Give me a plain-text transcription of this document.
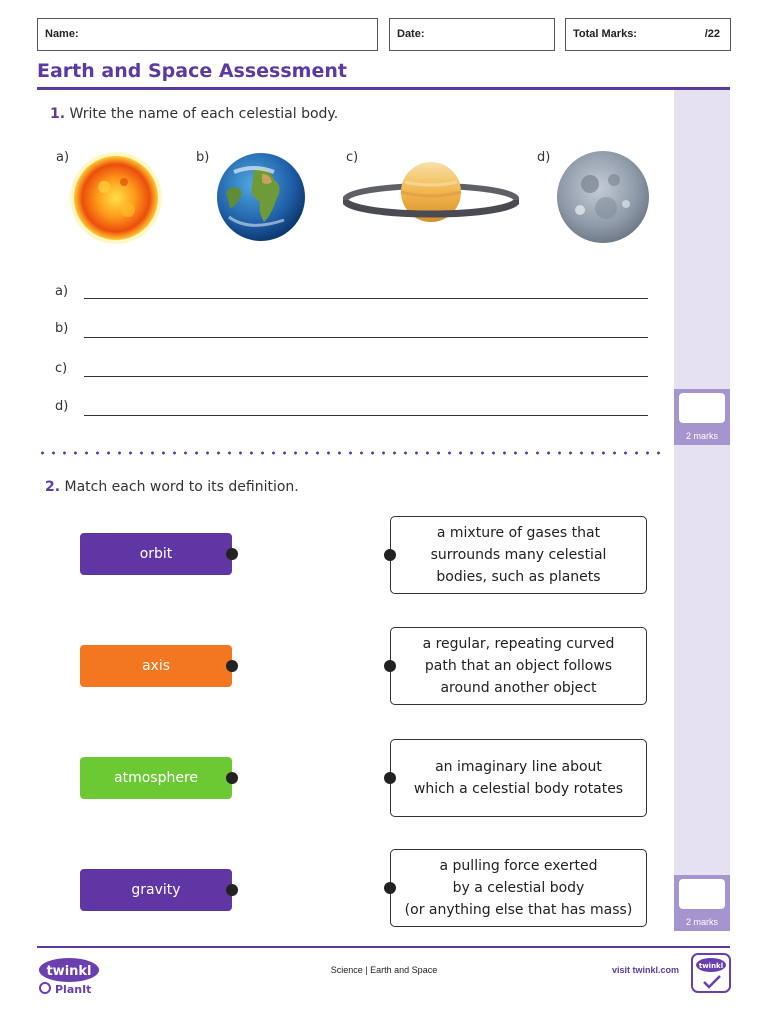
Name:	Date:	Total Marks:	/22
Earth and Space Assessment
2 marks
2 marks
1. Write the name of each celestial body.
a)	b)	c)	d)
a)
b)
c)
d)
2. Match each word to its definition.
orbit
axis
atmosphere
gravity
a mixture of gases that
surrounds many celestial
bodies, such as planets
a regular, repeating curved
path that an object follows
around another object
an imaginary line about
which a celestial body rotates
a pulling force exerted
by a celestial body
(or anything else that has mass)
twinkl
PlanIt
Science | Earth and Space	visit twinkl.com	twinkl
